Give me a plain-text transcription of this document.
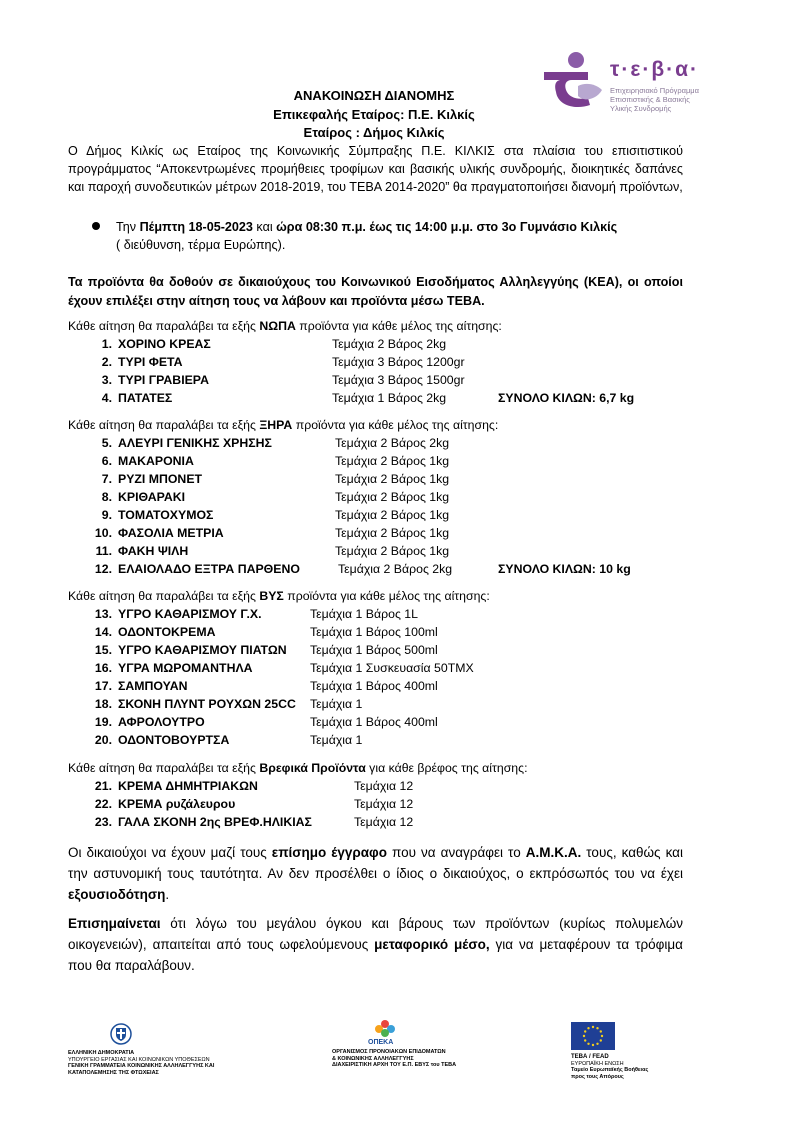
τ·ε·β·α·
Επιχειρησιακό Πρόγραμμα
Επισιτιστικής & Βασικής
Υλικής Συνδρομής
ΑΝΑΚΟΙΝΩΣΗ ΔΙΑΝΟΜΗΣ
Επικεφαλής Εταίρος: Π.Ε. Κιλκίς
Εταίρος : Δήμος Κιλκίς
Ο Δήμος Κιλκίς ως Εταίρος της Κοινωνικής Σύμπραξης Π.Ε. ΚΙΛΚΙΣ στα πλαίσια του επισιτιστικού προγράμματος “Αποκεντρωμένες προμήθειες τροφίμων και βασικής υλικής συνδρομής, διοικητικές δαπάνες και παροχή συνοδευτικών μέτρων 2018-2019, του ΤΕΒΑ 2014-2020” θα πραγματοποιήσει διανομή προϊόντων,
Την Πέμπτη 18-05-2023 και ώρα 08:30 π.μ. έως τις 14:00 μ.μ. στο 3ο Γυμνάσιο Κιλκίς
( διεύθυνση, τέρμα Ευρώπης).
Τα προϊόντα θα δοθούν σε δικαιούχους του Κοινωνικού Εισοδήματος Αλληλεγγύης (ΚΕΑ), οι οποίοι έχουν επιλέξει στην αίτηση τους να λάβουν και προϊόντα μέσω ΤΕΒΑ.
Κάθε αίτηση θα παραλάβει τα εξής ΝΩΠΑ προϊόντα για κάθε μέλος της αίτησης:
1. ΧΟΡΙΝΟ ΚΡΕΑΣ	Τεμάχια 2 Βάρος 2kg
2. ΤΥΡΙ ΦΕΤΑ	Τεμάχια 3 Βάρος 1200gr
3. ΤΥΡΙ ΓΡΑΒΙΕΡΑ	Τεμάχια 3 Βάρος 1500gr
4. ΠΑΤΑΤΕΣ	Τεμάχια 1 Βάρος 2kg	ΣΥΝΟΛΟ ΚΙΛΩΝ: 6,7 kg
Κάθε αίτηση θα παραλάβει τα εξής ΞΗΡΑ προϊόντα για κάθε μέλος της αίτησης:
5. ΑΛΕΥΡΙ ΓΕΝΙΚΗΣ ΧΡΗΣΗΣ	Τεμάχια 2 Βάρος 2kg
6. ΜΑΚΑΡΟΝΙΑ	Τεμάχια 2 Βάρος 1kg
7. ΡΥΖΙ ΜΠΟΝΕΤ	Τεμάχια 2 Βάρος 1kg
8. ΚΡΙΘΑΡΑΚΙ	Τεμάχια 2 Βάρος 1kg
9. ΤΟΜΑΤΟΧΥΜΟΣ	Τεμάχια 2 Βάρος 1kg
10. ΦΑΣΟΛΙΑ ΜΕΤΡΙΑ	Τεμάχια 2 Βάρος 1kg
11. ΦΑΚΗ ΨΙΛΗ	Τεμάχια 2 Βάρος 1kg
12. ΕΛΑΙΟΛΑΔΟ ΕΞΤΡΑ ΠΑΡΘΕΝΟ	Τεμάχια 2 Βάρος 2kg	ΣΥΝΟΛΟ ΚΙΛΩΝ: 10 kg
Κάθε αίτηση θα παραλάβει τα εξής ΒΥΣ προϊόντα για κάθε μέλος της αίτησης:
13. ΥΓΡΟ ΚΑΘΑΡΙΣΜΟΥ Γ.Χ.	Τεμάχια 1 Βάρος 1L
14. ΟΔΟΝΤΟΚΡΕΜΑ	Τεμάχια 1 Βάρος 100ml
15. ΥΓΡΟ ΚΑΘΑΡΙΣΜΟΥ ΠΙΑΤΩΝ Τεμάχια 1 Βάρος 500ml
16. ΥΓΡΑ ΜΩΡΟΜΑΝΤΗΛΑ	Τεμάχια 1 Συσκευασία 50ΤΜΧ
17. ΣΑΜΠΟΥΑΝ	Τεμάχια 1 Βάρος 400ml
18. ΣΚΟΝΗ ΠΛΥΝΤ ΡΟΥΧΩΝ 25CC Τεμάχια 1
19. ΑΦΡΟΛΟΥΤΡΟ	Τεμάχια 1 Βάρος 400ml
20. ΟΔΟΝΤΟΒΟΥΡΤΣΑ	Τεμάχια 1
Κάθε αίτηση θα παραλάβει τα εξής Βρεφικά Προϊόντα για κάθε βρέφος της αίτησης:
21. ΚΡΕΜΑ ΔΗΜΗΤΡΙΑΚΩΝ	Τεμάχια 12
22. ΚΡΕΜΑ ρυζάλευρου	Τεμάχια 12
23. ΓΑΛΑ ΣΚΟΝΗ 2ης ΒΡΕΦ.ΗΛΙΚΙΑΣ	Τεμάχια 12
Οι δικαιούχοι να έχουν μαζί τους επίσημο έγγραφο που να αναγράφει το Α.Μ.Κ.Α. τους, καθώς και την αστυνομική τους ταυτότητα. Αν δεν προσέλθει ο ίδιος ο δικαιούχος, ο εκπρόσωπός του να έχει εξουσιοδότηση.
Επισημαίνεται ότι λόγω του μεγάλου όγκου και βάρους των προϊόντων (κυρίως πολυμελών οικογενειών), απαιτείται από τους ωφελούμενους μεταφορικό μέσο, για να μεταφέρουν τα τρόφιμα που θα παραλάβουν.
ΕΛΛΗΝΙΚΗ ΔΗΜΟΚΡΑΤΙΑ
ΥΠΟΥΡΓΕΙΟ ΕΡΓΑΣΙΑΣ ΚΑΙ ΚΟΙΝΩΝΙΚΩΝ ΥΠΟΘΕΣΕΩΝ
ΓΕΝΙΚΗ ΓΡΑΜΜΑΤΕΙΑ ΚΟΙΝΩΝΙΚΗΣ ΑΛΛΗΛΕΓΓΥΗΣ ΚΑΙ
ΚΑΤΑΠΟΛΕΜΗΣΗΣ ΤΗΣ ΦΤΩΧΕΙΑΣ
ΟΠΕΚΑ
ΟΡΓΑΝΙΣΜΟΣ ΠΡΟΝΟΙΑΚΩΝ ΕΠΙΔΟΜΑΤΩΝ
& ΚΟΙΝΩΝΙΚΗΣ ΑΛΛΗΛΕΓΓΥΗΣ
ΔΙΑΧΕΙΡΙΣΤΙΚΗ ΑΡΧΗ ΤΟΥ Ε.Π. ΕΒΥΣ του ΤΕΒΑ
ΤΕΒΑ / FEAD
ΕΥΡΩΠΑΪΚΗ ΕΝΩΣΗ
Ταμείο Ευρωπαϊκής Βοήθειας
προς τους Απόρους
